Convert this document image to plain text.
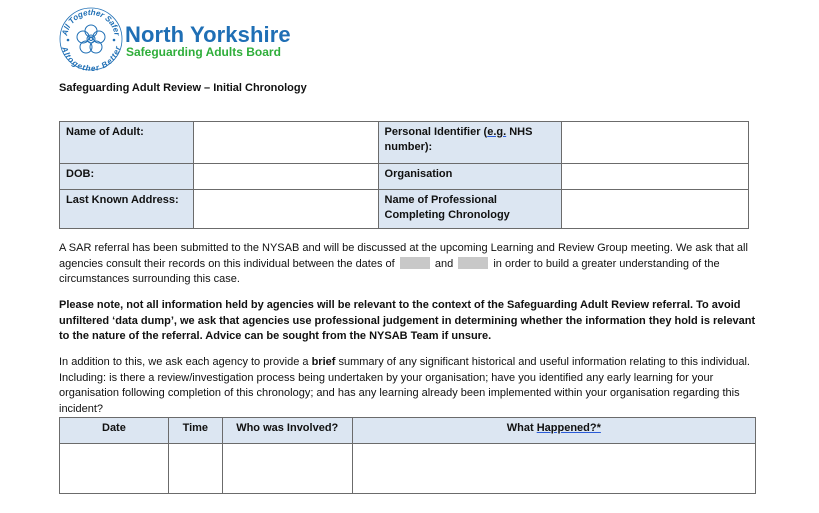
All Together Safer
Altogether Better
North Yorkshire
Safeguarding Adults Board
Safeguarding Adult Review – Initial Chronology
Name of Adult:		Personal Identifier (e.g. NHS number):	
DOB:		Organisation	
Last Known Address:		Name of Professional Completing Chronology	

A SAR referral has been submitted to the NYSAB and will be discussed at the upcoming Learning and Review Group meeting. We ask that all agencies consult their records on this individual between the dates of	and	in order to build a greater understanding of the circumstances surrounding this case.

Please note, not all information held by agencies will be relevant to the context of the Safeguarding Adult Review referral. To avoid unfiltered ‘data dump’, we ask that agencies use professional judgement in determining whether the information they hold is relevant to the nature of the referral. Advice can be sought from the NYSAB Team if unsure.

In addition to this, we ask each agency to provide a brief summary of any significant historical and useful information relating to this individual. Including: is there a review/investigation process being undertaken by your organisation; have you identified any early learning for your organisation following completion of this chronology; and has any learning already been implemented within your organisation regarding this incident?

Date	Time	Who was Involved?	What Happened?*
